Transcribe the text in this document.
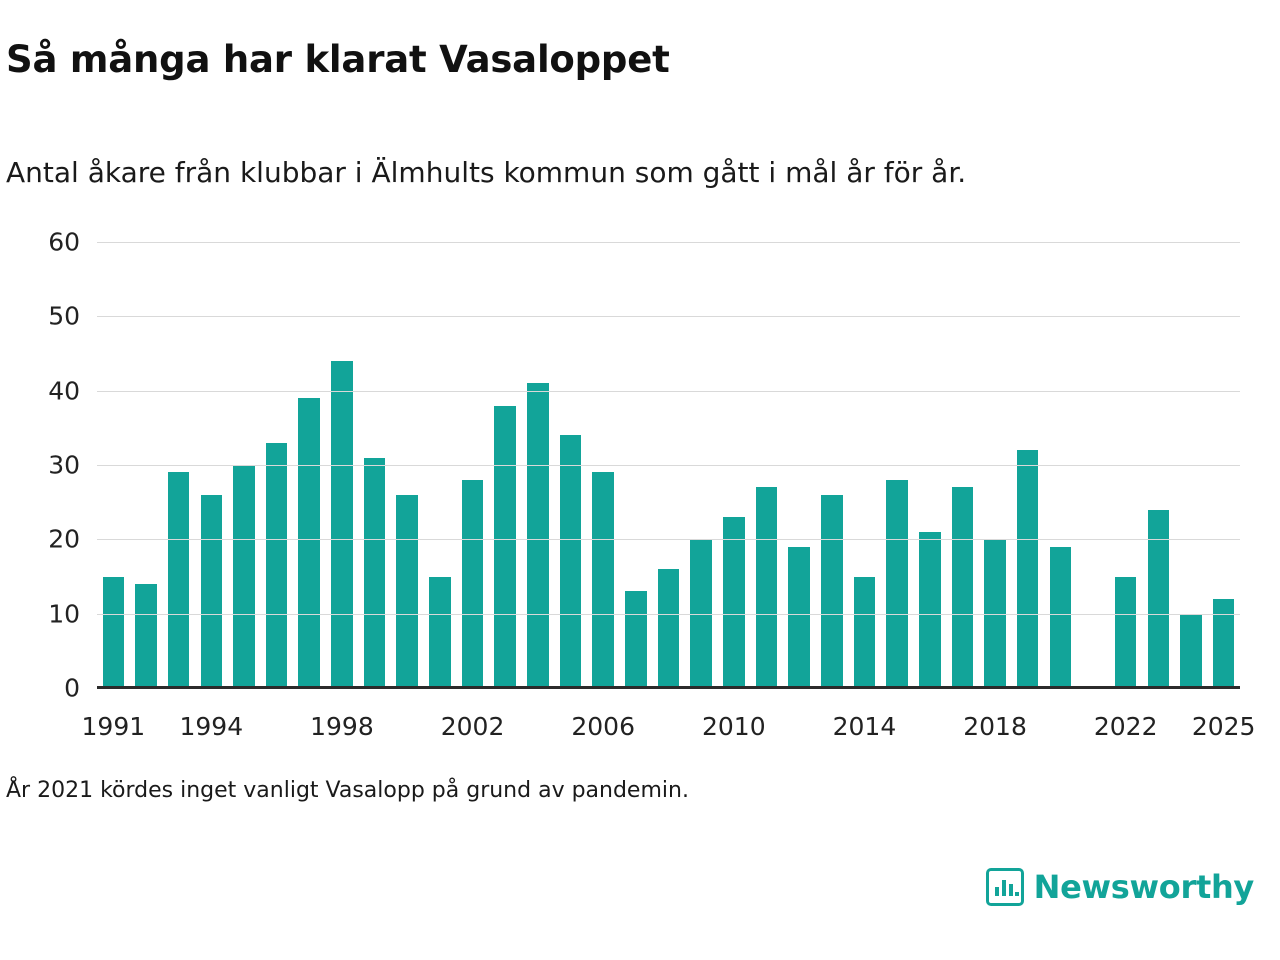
Så många har klarat Vasaloppet
Antal åkare från klubbar i Älmhults kommun som gått i mål år för år.
0
10
20
30
40
50
60
1991 1994	1998	2002	2006	2010	2014	2018	2022 2025
År 2021 kördes inget vanligt Vasalopp på grund av pandemin.
Newsworthy
